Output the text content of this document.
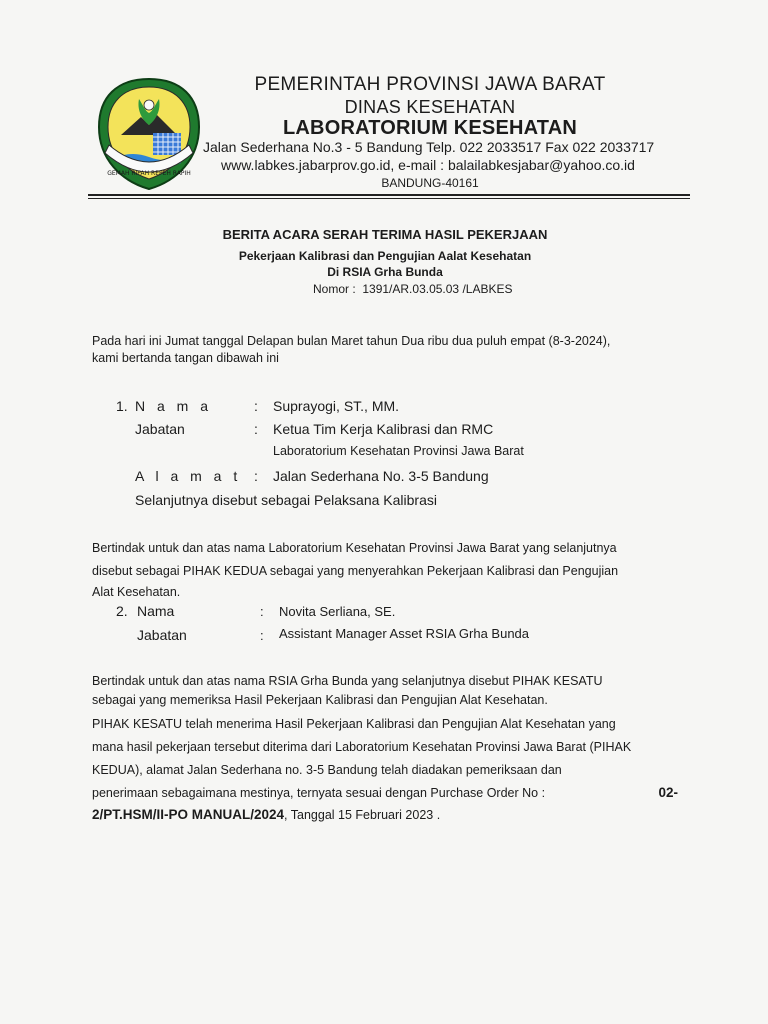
GEMAH RIPAH REPEH RAPIH
PEMERINTAH PROVINSI JAWA BARAT
DINAS KESEHATAN
LABORATORIUM KESEHATAN
Jalan Sederhana No.3 - 5 Bandung Telp. 022 2033517 Fax 022 2033717
www.labkes.jabarprov.go.id, e-mail : balailabkesjabar@yahoo.co.id
BANDUNG-40161
BERITA ACARA SERAH TERIMA HASIL PEKERJAAN
Pekerjaan Kalibrasi dan Pengujian Aalat Kesehatan
Di RSIA Grha Bunda
Nomor : 1391/AR.03.05.03 /LABKES
Pada hari ini Jumat tanggal Delapan bulan Maret tahun Dua ribu dua puluh empat (8-3-2024),
kami bertanda tangan dibawah ini
1. N a m a	: Suprayogi, ST., MM.
Jabatan	: Ketua Tim Kerja Kalibrasi dan RMC
Laboratorium Kesehatan Provinsi Jawa Barat
A l a m a t : Jalan Sederhana No. 3-5 Bandung
Selanjutnya disebut sebagai Pelaksana Kalibrasi
Bertindak untuk dan atas nama Laboratorium Kesehatan Provinsi Jawa Barat yang selanjutnya
disebut sebagai PIHAK KEDUA sebagai yang menyerahkan Pekerjaan Kalibrasi dan Pengujian
Alat Kesehatan.
2. Nama	: Novita Serliana, SE.
Jabatan	: Assistant Manager Asset RSIA Grha Bunda
Bertindak untuk dan atas nama RSIA Grha Bunda yang selanjutnya disebut PIHAK KESATU
sebagai yang memeriksa Hasil Pekerjaan Kalibrasi dan Pengujian Alat Kesehatan.
PIHAK KESATU telah menerima Hasil Pekerjaan Kalibrasi dan Pengujian Alat Kesehatan yang
mana hasil pekerjaan tersebut diterima dari Laboratorium Kesehatan Provinsi Jawa Barat (PIHAK
KEDUA), alamat Jalan Sederhana no. 3-5 Bandung telah diadakan pemeriksaan dan
penerimaan sebagaimana mestinya, ternyata sesuai dengan Purchase Order No :	02-
2/PT.HSM/II-PO MANUAL/2024, Tanggal 15 Februari 2023 .
